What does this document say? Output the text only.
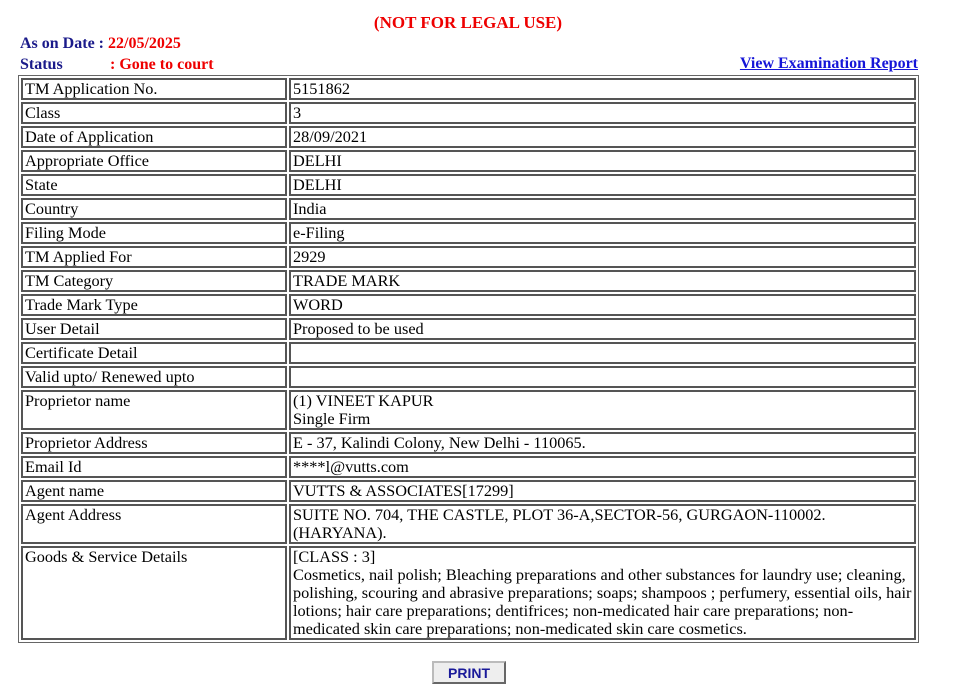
(NOT FOR LEGAL USE)
As on Date : 22/05/2025
Status	: Gone to court	View Examination Report
TM Application No.	5151862

Class	3

Date of Application	28/09/2021

Appropriate Office	DELHI

State	DELHI

Country	India

Filing Mode	e-Filing

TM Applied For	2929

TM Category	TRADE MARK

Trade Mark Type	WORD

User Detail	Proposed to be used

Certificate Detail	
Valid upto/ Renewed upto	
Proprietor name	(1) VINEET KAPUR
Single Firm

Proprietor Address	E - 37, Kalindi Colony, New Delhi - 110065.

Email Id	****l@vutts.com

Agent name	VUTTS & ASSOCIATES[17299]

Agent Address	SUITE NO. 704, THE CASTLE, PLOT 36-A,SECTOR-56, GURGAON-110002. (HARYANA).

Goods & Service Details	[CLASS : 3]
Cosmetics, nail polish; Bleaching preparations and other substances for laundry use; cleaning, polishing, scouring and abrasive preparations; soaps; shampoos ; perfumery, essential oils, hair lotions; hair care preparations; dentifrices; non-medicated hair care preparations; non-medicated skin care preparations; non-medicated skin care cosmetics.
PRINT
